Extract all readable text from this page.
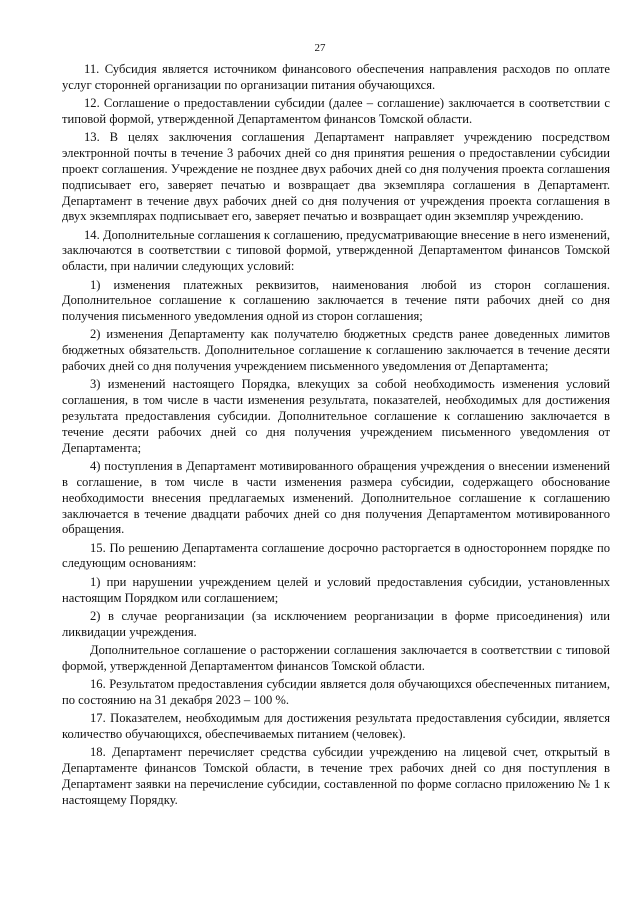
27

11. Субсидия является источником финансового обеспечения направления расходов по оплате услуг сторонней организации по организации питания обучающихся.

12. Соглашение о предоставлении субсидии (далее – соглашение) заключается в соответствии с типовой формой, утвержденной Департаментом финансов Томской области.

13. В целях заключения соглашения Департамент направляет учреждению посредством электронной почты в течение 3 рабочих дней со дня принятия решения о предоставлении субсидии проект соглашения. Учреждение не позднее двух рабочих дней со дня получения проекта соглашения подписывает его, заверяет печатью и возвращает два экземпляра соглашения в Департамент. Департамент в течение двух рабочих дней со дня получения от учреждения проекта соглашения в двух экземплярах подписывает его, заверяет печатью и возвращает один экземпляр учреждению.

14. Дополнительные соглашения к соглашению, предусматривающие внесение в него изменений, заключаются в соответствии с типовой формой, утвержденной Департаментом финансов Томской области, при наличии следующих условий:

1) изменения платежных реквизитов, наименования любой из сторон соглашения. Дополнительное соглашение к соглашению заключается в течение пяти рабочих дней со дня получения письменного уведомления одной из сторон соглашения;

2) изменения Департаменту как получателю бюджетных средств ранее доведенных лимитов бюджетных обязательств. Дополнительное соглашение к соглашению заключается в течение десяти рабочих дней со дня получения учреждением письменного уведомления от Департамента;

3) изменений настоящего Порядка, влекущих за собой необходимость изменения условий соглашения, в том числе в части изменения результата, показателей, необходимых для достижения результата предоставления субсидии. Дополнительное соглашение к соглашению заключается в течение десяти рабочих дней со дня получения учреждением письменного уведомления от Департамента;

4) поступления в Департамент мотивированного обращения учреждения о внесении изменений в соглашение, в том числе в части изменения размера субсидии, содержащего обоснование необходимости внесения предлагаемых изменений. Дополнительное соглашение к соглашению заключается в течение двадцати рабочих дней со дня получения Департаментом мотивированного обращения.

15. По решению Департамента соглашение досрочно расторгается в одностороннем порядке по следующим основаниям:

1) при нарушении учреждением целей и условий предоставления субсидии, установленных настоящим Порядком или соглашением;

2) в случае реорганизации (за исключением реорганизации в форме присоединения) или ликвидации учреждения.

Дополнительное соглашение о расторжении соглашения заключается в соответствии с типовой формой, утвержденной Департаментом финансов Томской области.

16. Результатом предоставления субсидии является доля обучающихся обеспеченных питанием, по состоянию на 31 декабря 2023 – 100 %.

17. Показателем, необходимым для достижения результата предоставления субсидии, является количество обучающихся, обеспечиваемых питанием (человек).

18. Департамент перечисляет средства субсидии учреждению на лицевой счет, открытый в Департаменте финансов Томской области, в течение трех рабочих дней со дня поступления в Департамент заявки на перечисление субсидии, составленной по форме согласно приложению № 1 к настоящему Порядку.
